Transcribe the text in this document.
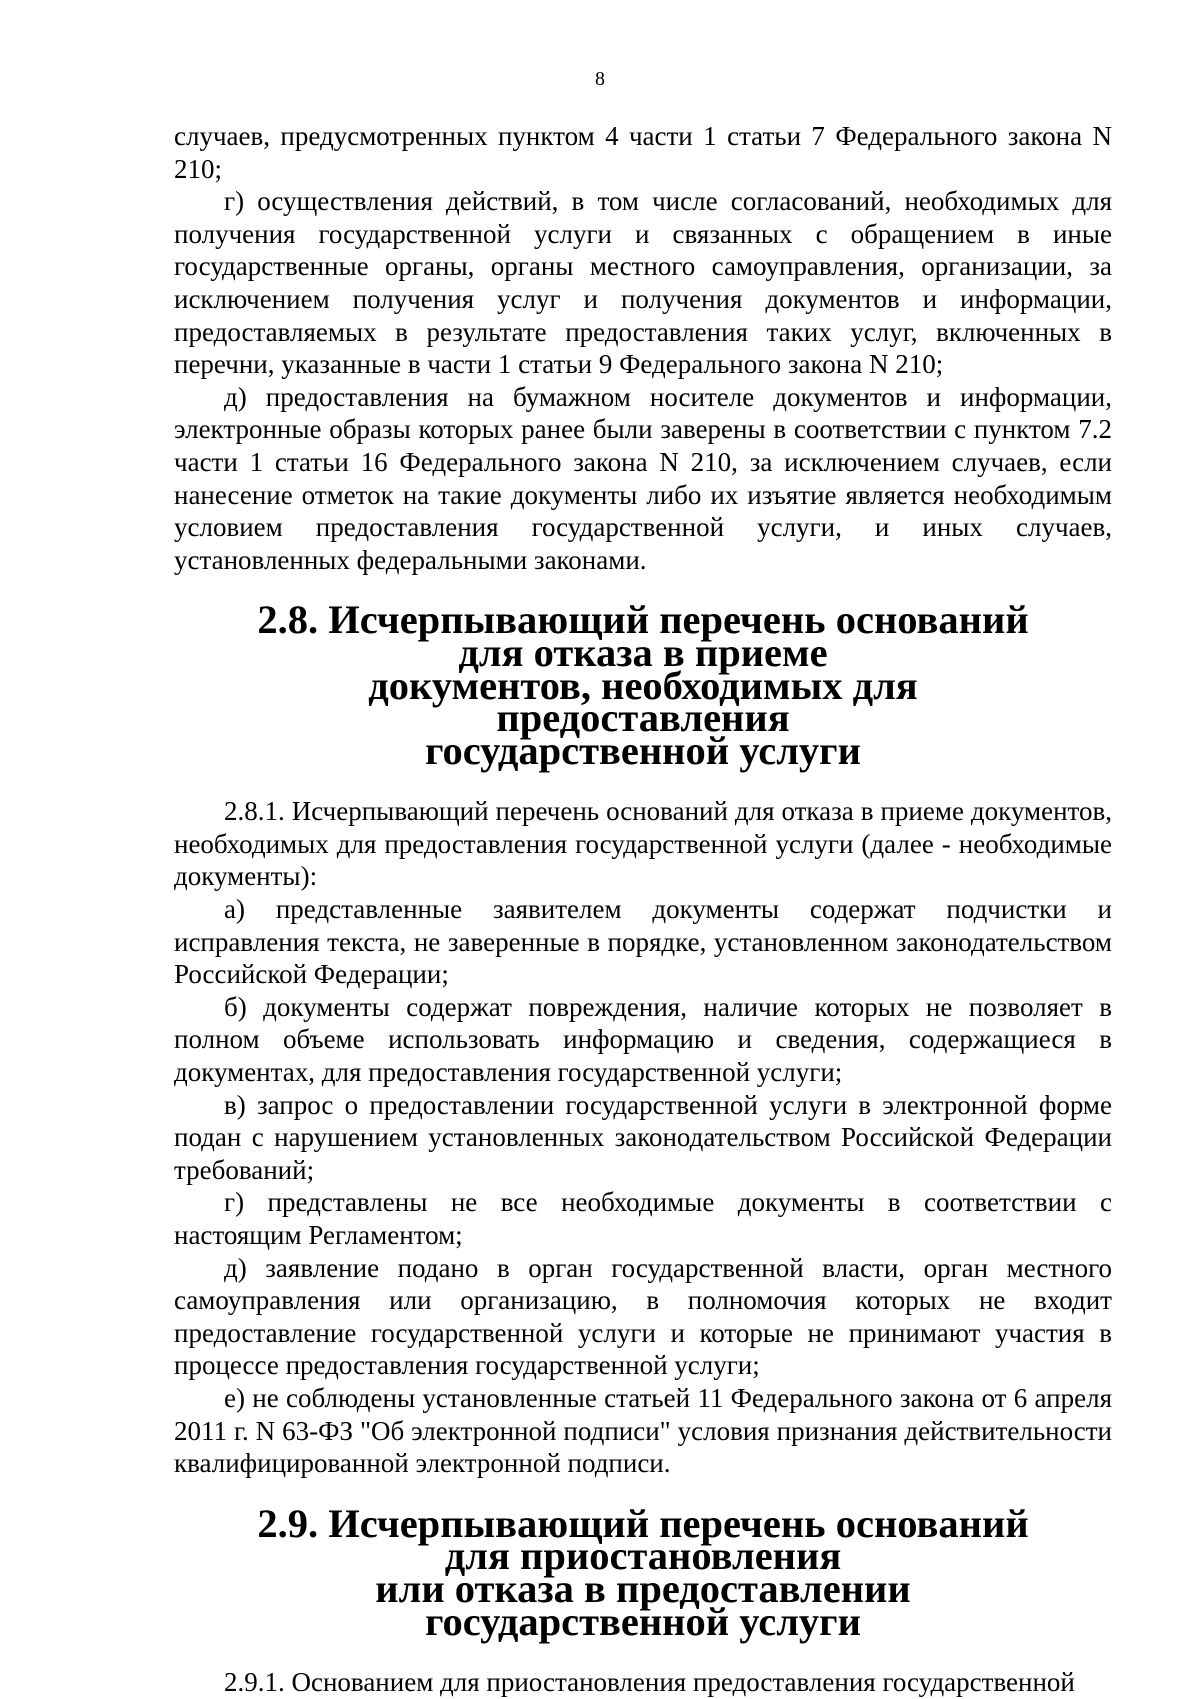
8

случаев, предусмотренных пунктом 4 части 1 статьи 7 Федерального закона N 210;

г) осуществления действий, в том числе согласований, необходимых для получения государственной услуги и связанных с обращением в иные государственные органы, органы местного самоуправления, организации, за исключением получения услуг и получения документов и информации, предоставляемых в результате предоставления таких услуг, включенных в перечни, указанные в части 1 статьи 9 Федерального закона N 210;

д) предоставления на бумажном носителе документов и информации, электронные образы которых ранее были заверены в соответствии с пунктом 7.2 части 1 статьи 16 Федерального закона N 210, за исключением случаев, если нанесение отметок на такие документы либо их изъятие является необходимым условием предоставления государственной услуги, и иных случаев, установленных федеральными законами.

2.8. Исчерпывающий перечень оснований для отказа в приеме
документов, необходимых для предоставления
государственной услуги

2.8.1. Исчерпывающий перечень оснований для отказа в приеме документов, необходимых для предоставления государственной услуги (далее - необходимые документы):

а) представленные заявителем документы содержат подчистки и исправления текста, не заверенные в порядке, установленном законодательством Российской Федерации;

б) документы содержат повреждения, наличие которых не позволяет в полном объеме использовать информацию и сведения, содержащиеся в документах, для предоставления государственной услуги;

в) запрос о предоставлении государственной услуги в электронной форме подан с нарушением установленных законодательством Российской Федерации требований;

г) представлены не все необходимые документы в соответствии с настоящим Регламентом;

д) заявление подано в орган государственной власти, орган местного самоуправления или организацию, в полномочия которых не входит предоставление государственной услуги и которые не принимают участия в процессе предоставления государственной услуги;

е) не соблюдены установленные статьей 11 Федерального закона от 6 апреля 2011 г. N 63-ФЗ "Об электронной подписи" условия признания действительности квалифицированной электронной подписи.

2.9. Исчерпывающий перечень оснований для приостановления
или отказа в предоставлении государственной услуги

2.9.1. Основанием для приостановления предоставления государственной
